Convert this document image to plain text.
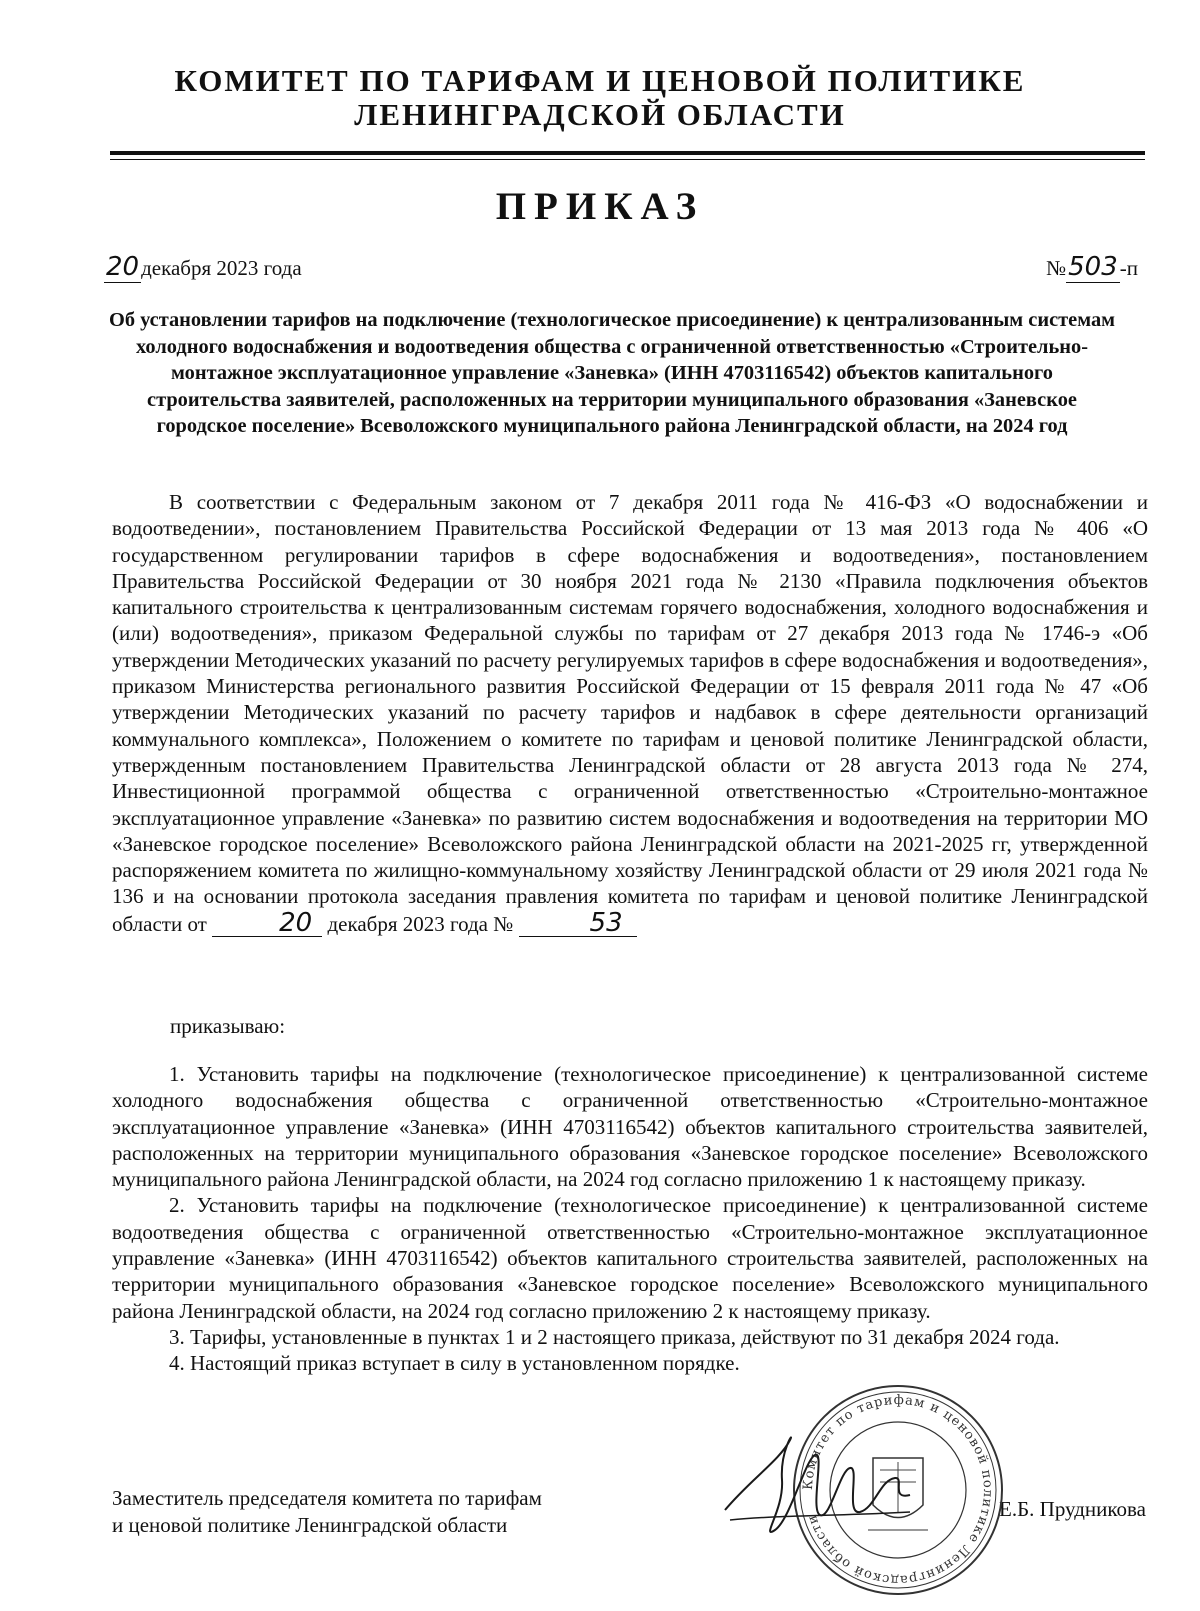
КОМИТЕТ ПО ТАРИФАМ И ЦЕНОВОЙ ПОЛИТИКЕ
ЛЕНИНГРАДСКОЙ ОБЛАСТИ
ПРИКАЗ
20декабря 2023 года	№503-п
Об установлении тарифов на подключение (технологическое присоединение) к централизованным системам холодного водоснабжения и водоотведения общества с ограниченной ответственностью «Строительно-монтажное эксплуатационное управление «Заневка» (ИНН 4703116542) объектов капитального строительства заявителей, расположенных на территории муниципального образования «Заневское городское поселение» Всеволожского муниципального района Ленинградской области, на 2024 год
В соответствии с Федеральным законом от 7 декабря 2011 года № 416-ФЗ «О водоснабжении и водоотведении», постановлением Правительства Российской Федерации от 13 мая 2013 года № 406 «О государственном регулировании тарифов в сфере водоснабжения и водоотведения», постановлением Правительства Российской Федерации от 30 ноября 2021 года № 2130 «Правила подключения объектов капитального строительства к централизованным системам горячего водоснабжения, холодного водоснабжения и (или) водоотведения», приказом Федеральной службы по тарифам от 27 декабря 2013 года № 1746-э «Об утверждении Методических указаний по расчету регулируемых тарифов в сфере водоснабжения и водоотведения», приказом Министерства регионального развития Российской Федерации от 15 февраля 2011 года № 47 «Об утверждении Методических указаний по расчету тарифов и надбавок в сфере деятельности организаций коммунального комплекса», Положением о комитете по тарифам и ценовой политике Ленинградской области, утвержденным постановлением Правительства Ленинградской области от 28 августа 2013 года № 274, Инвестиционной программой общества с ограниченной ответственностью «Строительно-монтажное эксплуатационное управление «Заневка» по развитию систем водоснабжения и водоотведения на территории МО «Заневское городское поселение» Всеволожского района Ленинградской области на 2021-2025 гг, утвержденной распоряжением комитета по жилищно-коммунальному хозяйству Ленинградской области от 29 июля 2021 года № 136 и на основании протокола заседания правления комитета по тарифам и ценовой политике Ленинградской области от	20 декабря 2023 года №	53
приказываю:

1. Установить тарифы на подключение (технологическое присоединение) к централизованной системе холодного водоснабжения общества с ограниченной ответственностью «Строительно-монтажное эксплуатационное управление «Заневка» (ИНН 4703116542) объектов капитального строительства заявителей, расположенных на территории муниципального образования «Заневское городское поселение» Всеволожского муниципального района Ленинградской области, на 2024 год согласно приложению 1 к настоящему приказу.

2. Установить тарифы на подключение (технологическое присоединение) к централизованной системе водоотведения общества с ограниченной ответственностью «Строительно-монтажное эксплуатационное управление «Заневка» (ИНН 4703116542) объектов капитального строительства заявителей, расположенных на территории муниципального образования «Заневское городское поселение» Всеволожского муниципального района Ленинградской области, на 2024 год согласно приложению 2 к настоящему приказу.

3. Тарифы, установленные в пунктах 1 и 2 настоящего приказа, действуют по 31 декабря 2024 года.

4. Настоящий приказ вступает в силу в установленном порядке.

Заместитель председателя комитета по тарифам
и ценовой политике Ленинградской области
Е.Б. Прудникова
Комитет по тарифам и ценовой политике Ленинградской области
